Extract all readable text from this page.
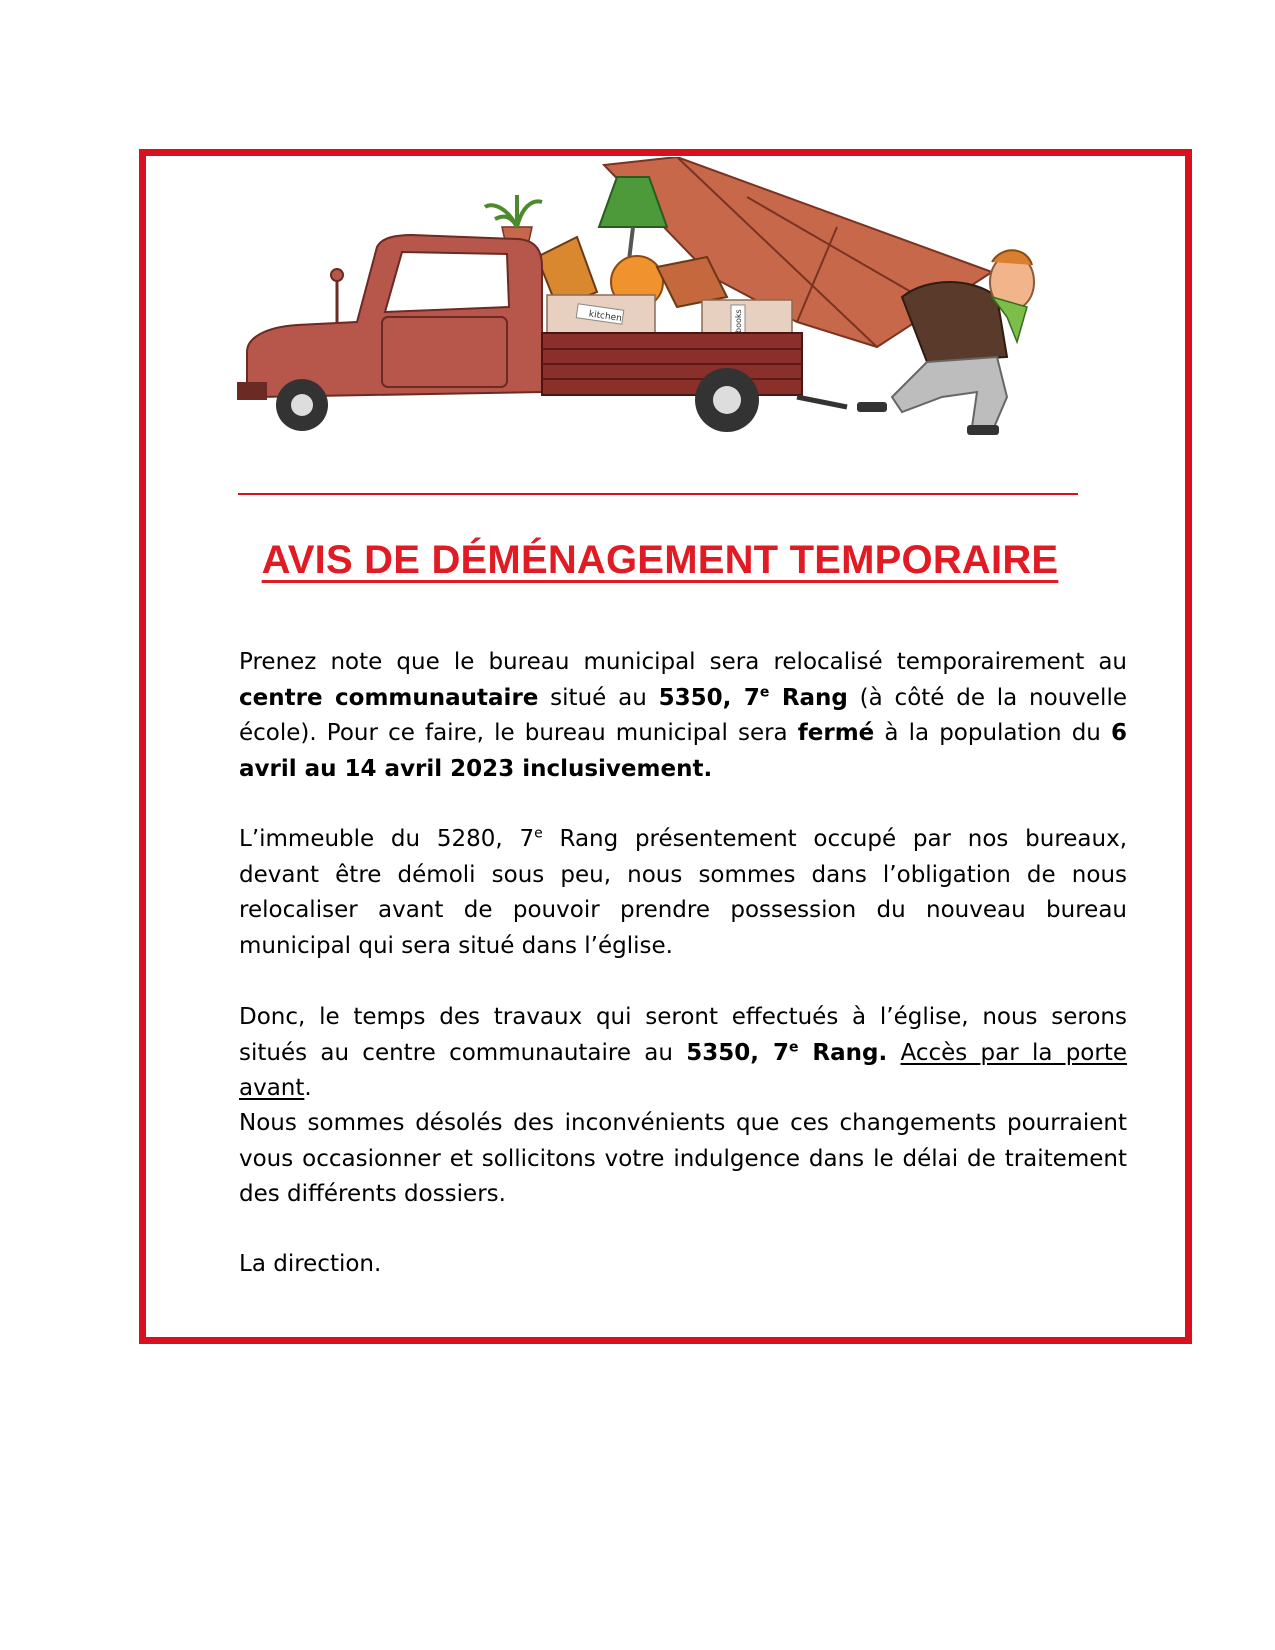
kitchen	books
AVIS DE DÉMÉNAGEMENT TEMPORAIRE

Prenez note que le bureau municipal sera relocalisé temporairement au centre communautaire situé au 5350, 7e Rang (à côté de la nouvelle école). Pour ce faire, le bureau municipal sera fermé à la population du 6 avril au 14 avril 2023 inclusivement.

L’immeuble du 5280, 7e Rang présentement occupé par nos bureaux, devant être démoli sous peu, nous sommes dans l’obligation de nous relocaliser avant de pouvoir prendre possession du nouveau bureau municipal qui sera situé dans l’église.

Donc, le temps des travaux qui seront effectués à l’église, nous serons situés au centre communautaire au 5350, 7e Rang. Accès par la porte avant.

Nous sommes désolés des inconvénients que ces changements pourraient vous occasionner et sollicitons votre indulgence dans le délai de traitement des différents dossiers.

La direction.
